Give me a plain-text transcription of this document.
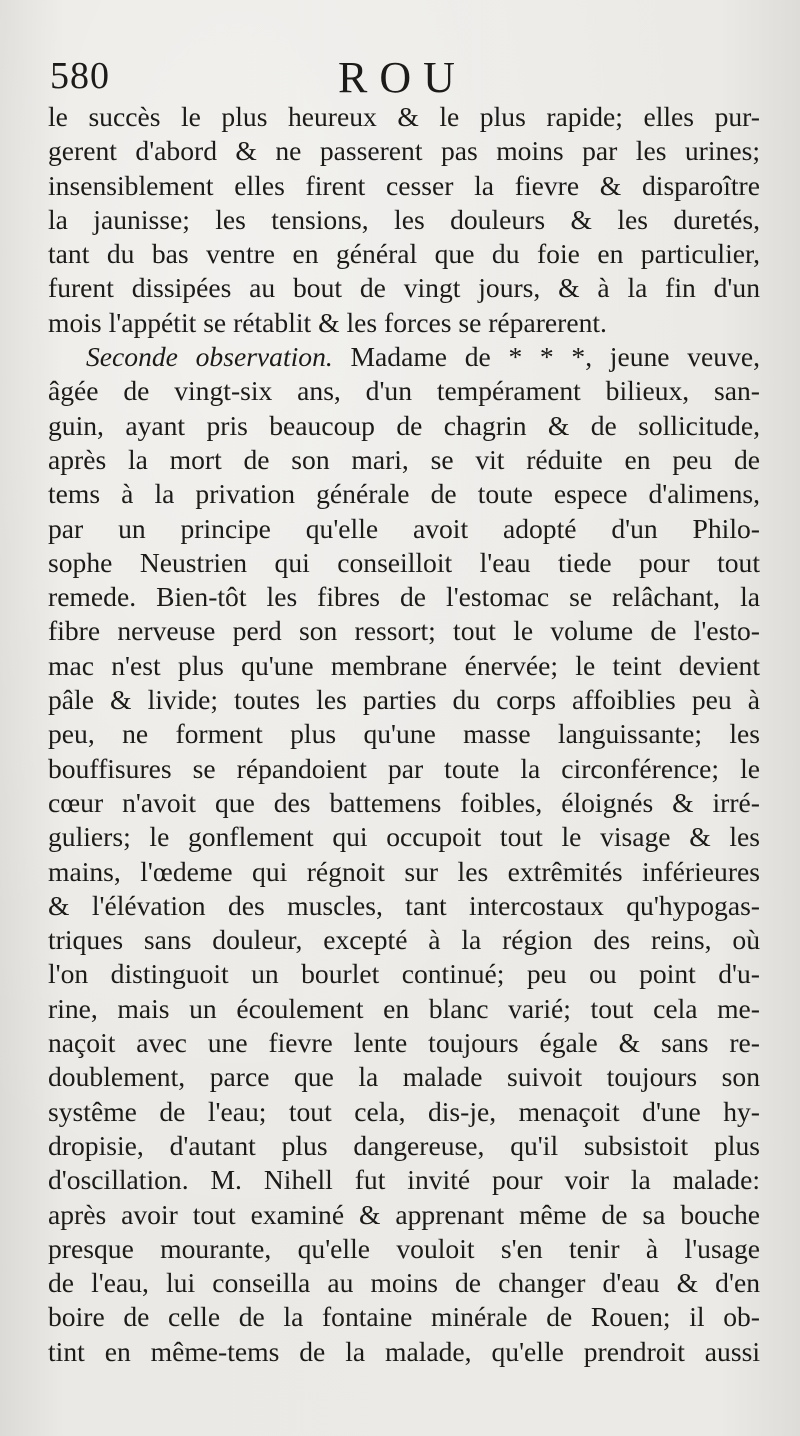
580	ROU
le succès le plus heureux & le plus rapide; elles pur-
gerent d'abord & ne passerent pas moins par les urines;
insensiblement elles firent cesser la fievre & disparoître
la jaunisse; les tensions, les douleurs & les duretés,
tant du bas ventre en général que du foie en particulier,
furent dissipées au bout de vingt jours, & à la fin d'un
mois l'appétit se rétablit & les forces se réparerent.
Seconde observation. Madame de * * *, jeune veuve,
âgée de vingt-six ans, d'un tempérament bilieux, san-
guin, ayant pris beaucoup de chagrin & de sollicitude,
après la mort de son mari, se vit réduite en peu de
tems à la privation générale de toute espece d'alimens,
par un principe qu'elle avoit adopté d'un Philo-
sophe Neustrien qui conseilloit l'eau tiede pour tout
remede. Bien-tôt les fibres de l'estomac se relâchant, la
fibre nerveuse perd son ressort; tout le volume de l'esto-
mac n'est plus qu'une membrane énervée; le teint devient
pâle & livide; toutes les parties du corps affoiblies peu à
peu, ne forment plus qu'une masse languissante; les
bouffisures se répandoient par toute la circonférence; le
cœur n'avoit que des battemens foibles, éloignés & irré-
guliers; le gonflement qui occupoit tout le visage & les
mains, l'œdeme qui régnoit sur les extrêmités inférieures
& l'élévation des muscles, tant intercostaux qu'hypogas-
triques sans douleur, excepté à la région des reins, où
l'on distinguoit un bourlet continué; peu ou point d'u-
rine, mais un écoulement en blanc varié; tout cela me-
naçoit avec une fievre lente toujours égale & sans re-
doublement, parce que la malade suivoit toujours son
systême de l'eau; tout cela, dis-je, menaçoit d'une hy-
dropisie, d'autant plus dangereuse, qu'il subsistoit plus
d'oscillation. M. Nihell fut invité pour voir la malade:
après avoir tout examiné & apprenant même de sa bouche
presque mourante, qu'elle vouloit s'en tenir à l'usage
de l'eau, lui conseilla au moins de changer d'eau & d'en
boire de celle de la fontaine minérale de Rouen; il ob-
tint en même-tems de la malade, qu'elle prendroit aussi
